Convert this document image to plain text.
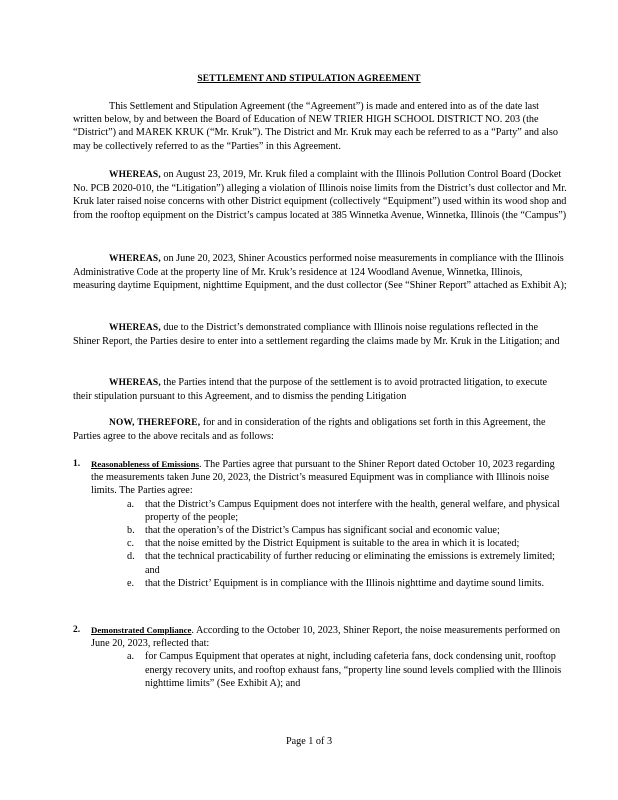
SETTLEMENT AND STIPULATION AGREEMENT

This Settlement and Stipulation Agreement (the “Agreement”) is made and entered into as of the date last written below, by and between the Board of Education of NEW TRIER HIGH SCHOOL DISTRICT NO. 203 (the “District”) and MAREK KRUK (“Mr. Kruk”). The District and Mr. Kruk may each be referred to as a “Party” and also may be collectively referred to as the “Parties” in this Agreement.

WHEREAS, on August 23, 2019, Mr. Kruk filed a complaint with the Illinois Pollution Control Board (Docket No. PCB 2020-010, the “Litigation”) alleging a violation of Illinois noise limits from the District’s dust collector and Mr. Kruk later raised noise concerns with other District equipment (collectively “Equipment”) used within its wood shop and from the rooftop equipment on the District’s campus located at 385 Winnetka Avenue, Winnetka, Illinois (the “Campus”)

WHEREAS, on June 20, 2023, Shiner Acoustics performed noise measurements in compliance with the Illinois Administrative Code at the property line of Mr. Kruk’s residence at 124 Woodland Avenue, Winnetka, Illinois, measuring daytime Equipment, nighttime Equipment, and the dust collector (See “Shiner Report” attached as Exhibit A);

WHEREAS, due to the District’s demonstrated compliance with Illinois noise regulations reflected in the Shiner Report, the Parties desire to enter into a settlement regarding the claims made by Mr. Kruk in the Litigation; and

WHEREAS, the Parties intend that the purpose of the settlement is to avoid protracted litigation, to execute their stipulation pursuant to this Agreement, and to dismiss the pending Litigation

NOW, THEREFORE, for and in consideration of the rights and obligations set forth in this Agreement, the Parties agree to the above recitals and as follows:

1. Reasonableness of Emissions. The Parties agree that pursuant to the Shiner Report dated October 10, 2023 regarding the measurements taken June 20, 2023, the District’s measured Equipment was in compliance with Illinois noise limits. The Parties agree:
a. that the District’s Campus Equipment does not interfere with the health, general welfare, and physical property of the people;
b. that the operation’s of the District’s Campus has significant social and economic value;
c. that the noise emitted by the District Equipment is suitable to the area in which it is located;
d. that the technical practicability of further reducing or eliminating the emissions is extremely limited; and
e. that the District’ Equipment is in compliance with the Illinois nighttime and daytime sound limits.
2. Demonstrated Compliance. According to the October 10, 2023, Shiner Report, the noise measurements performed on June 20, 2023, reflected that:
a. for Campus Equipment that operates at night, including cafeteria fans, dock condensing unit, rooftop energy recovery units, and rooftop exhaust fans, “property line sound levels complied with the Illinois nighttime limits” (See Exhibit A); and
Page 1 of 3
